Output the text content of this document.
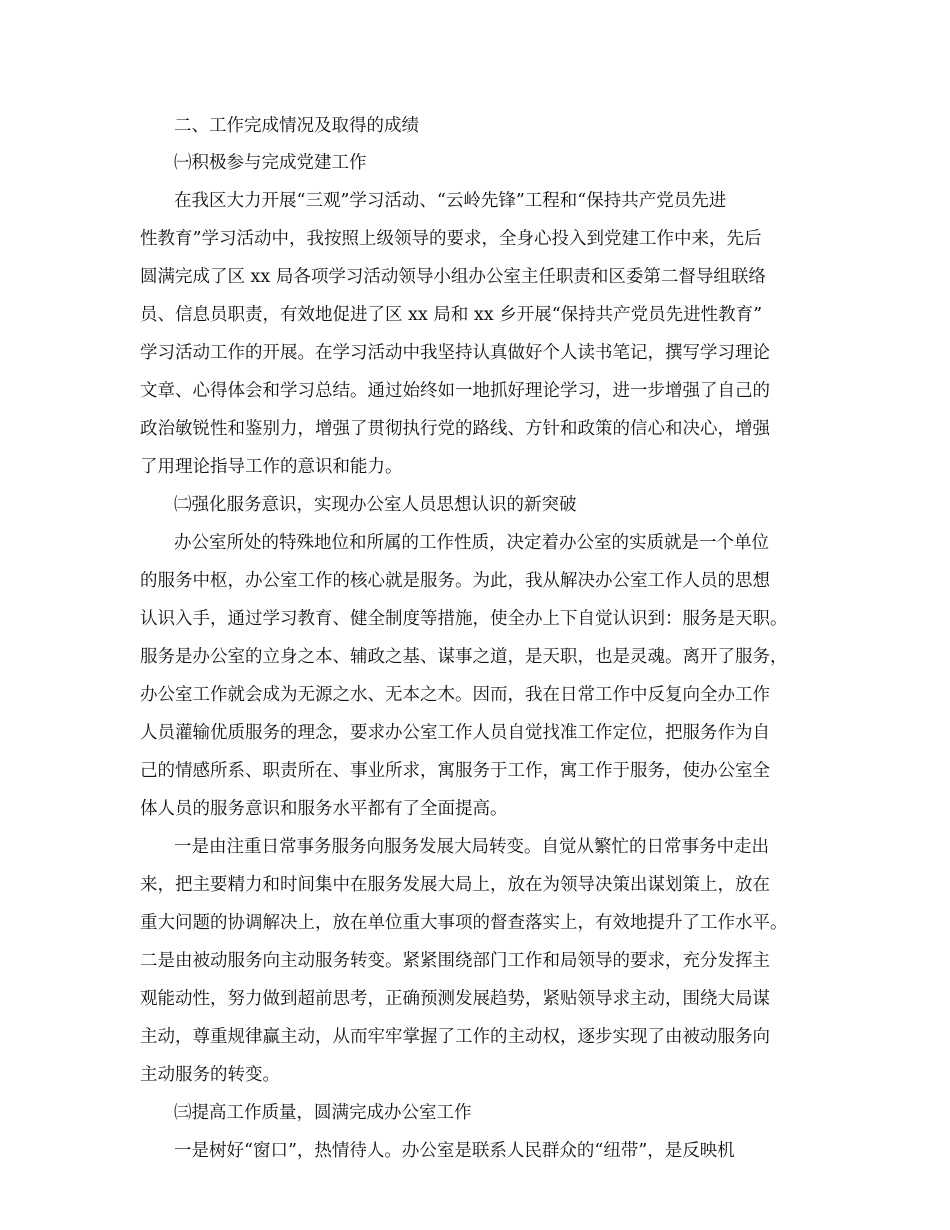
二、工作完成情况及取得的成绩
㈠积极参与完成党建工作
在我区大力开展“三观”学习活动、“云岭先锋”工程和“保持共产党员先进
性教育”学习活动中，我按照上级领导的要求，全身心投入到党建工作中来，先后
圆满完成了区 xx 局各项学习活动领导小组办公室主任职责和区委第二督导组联络
员、信息员职责，有效地促进了区 xx 局和 xx 乡开展“保持共产党员先进性教育”
学习活动工作的开展。在学习活动中我坚持认真做好个人读书笔记，撰写学习理论
文章、心得体会和学习总结。通过始终如一地抓好理论学习，进一步增强了自己的
政治敏锐性和鉴别力，增强了贯彻执行党的路线、方针和政策的信心和决心，增强
了用理论指导工作的意识和能力。
㈡强化服务意识，实现办公室人员思想认识的新突破
办公室所处的特殊地位和所属的工作性质，决定着办公室的实质就是一个单位
的服务中枢，办公室工作的核心就是服务。为此，我从解决办公室工作人员的思想
认识入手，通过学习教育、健全制度等措施，使全办上下自觉认识到：服务是天职。
服务是办公室的立身之本、辅政之基、谋事之道，是天职，也是灵魂。离开了服务，
办公室工作就会成为无源之水、无本之木。因而，我在日常工作中反复向全办工作
人员灌输优质服务的理念，要求办公室工作人员自觉找准工作定位，把服务作为自
己的情感所系、职责所在、事业所求，寓服务于工作，寓工作于服务，使办公室全
体人员的服务意识和服务水平都有了全面提高。
一是由注重日常事务服务向服务发展大局转变。自觉从繁忙的日常事务中走出
来，把主要精力和时间集中在服务发展大局上，放在为领导决策出谋划策上，放在
重大问题的协调解决上，放在单位重大事项的督查落实上，有效地提升了工作水平。
二是由被动服务向主动服务转变。紧紧围绕部门工作和局领导的要求，充分发挥主
观能动性，努力做到超前思考，正确预测发展趋势，紧贴领导求主动，围绕大局谋
主动，尊重规律赢主动，从而牢牢掌握了工作的主动权，逐步实现了由被动服务向
主动服务的转变。
㈢提高工作质量，圆满完成办公室工作
一是树好“窗口”，热情待人。办公室是联系人民群众的“纽带”，是反映机
